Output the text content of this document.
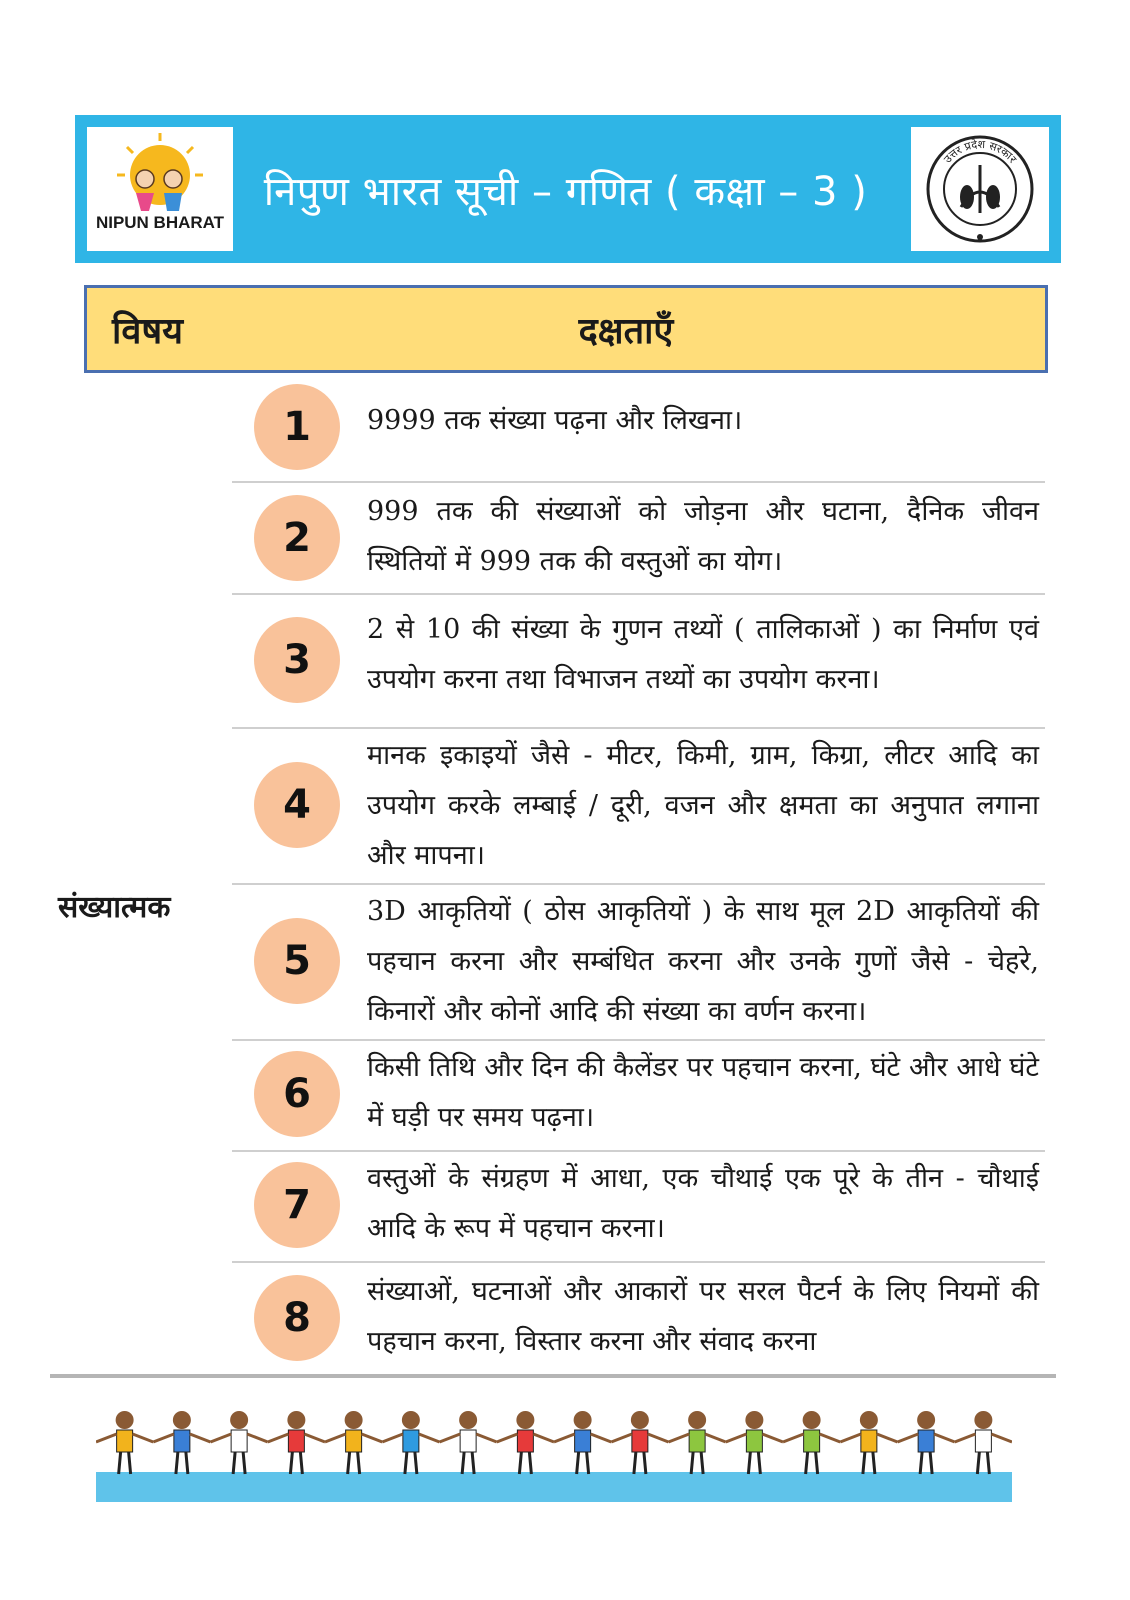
NIPUN BHARAT
निपुण भारत सूची – गणित ( कक्षा – 3 )
उत्तर प्रदेश सरकार
विषय	दक्षताएँ
संख्यात्मक
1	9999 तक संख्या पढ़ना और लिखना।
2
999 तक की संख्याओं को जोड़ना और घटाना, दैनिक जीवन स्थितियों में 999 तक की वस्तुओं का योग।
3
2 से 10 की संख्या के गुणन तथ्यों ( तालिकाओं ) का निर्माण एवं उपयोग करना तथा विभाजन तथ्यों का उपयोग करना।
4
मानक इकाइयों जैसे - मीटर, किमी, ग्राम, किग्रा, लीटर आदि का उपयोग करके लम्बाई / दूरी, वजन और क्षमता का अनुपात लगाना और मापना।
5
3D आकृतियों ( ठोस आकृतियों ) के साथ मूल 2D आकृतियों की पहचान करना और सम्बंधित करना और उनके गुणों जैसे - चेहरे, किनारों और कोनों आदि की संख्या का वर्णन करना।
6
किसी तिथि और दिन की कैलेंडर पर पहचान करना, घंटे और आधे घंटे में घड़ी पर समय पढ़ना।
7
वस्तुओं के संग्रहण में आधा, एक चौथाई एक पूरे के तीन - चौथाई आदि के रूप में पहचान करना।
8
संख्याओं, घटनाओं और आकारों पर सरल पैटर्न के लिए नियमों की पहचान करना, विस्तार करना और संवाद करना
